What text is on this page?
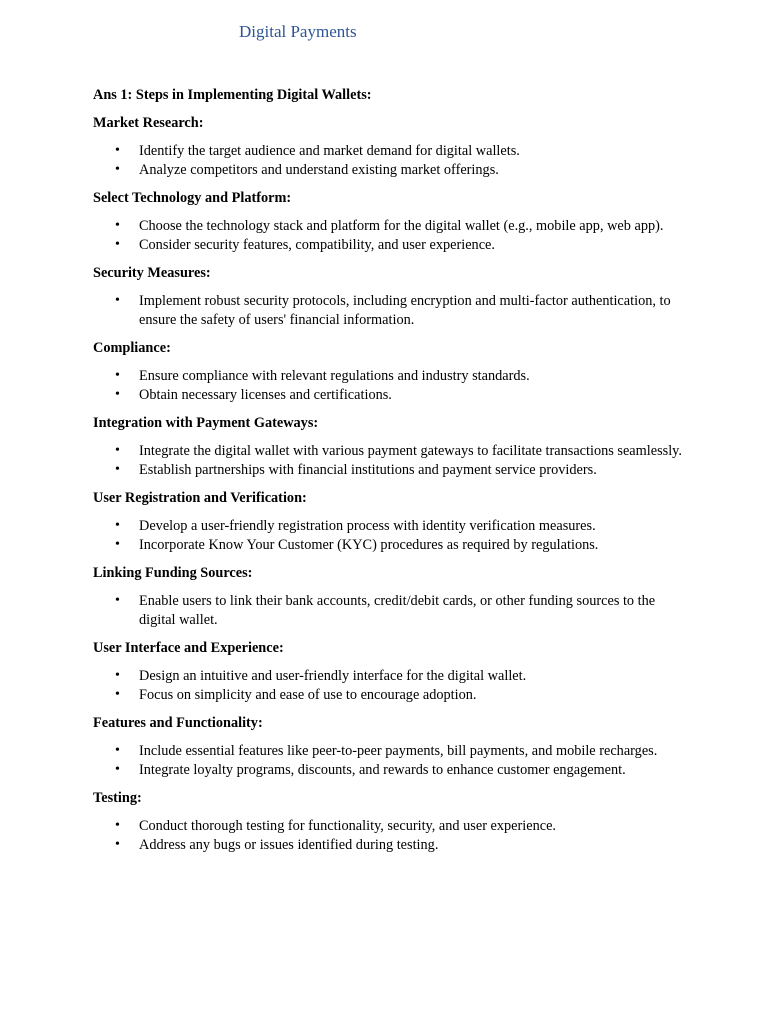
Digital Payments
Ans 1: Steps in Implementing Digital Wallets:
Market Research:
• Identify the target audience and market demand for digital wallets.
• Analyze competitors and understand existing market offerings.
Select Technology and Platform:
• Choose the technology stack and platform for the digital wallet (e.g., mobile app, web app).
• Consider security features, compatibility, and user experience.
Security Measures:
• Implement robust security protocols, including encryption and multi-factor authentication, to ensure the safety of users' financial information.
Compliance:
• Ensure compliance with relevant regulations and industry standards.
• Obtain necessary licenses and certifications.
Integration with Payment Gateways:
• Integrate the digital wallet with various payment gateways to facilitate transactions seamlessly.
• Establish partnerships with financial institutions and payment service providers.
User Registration and Verification:
• Develop a user-friendly registration process with identity verification measures.
• Incorporate Know Your Customer (KYC) procedures as required by regulations.
Linking Funding Sources:
• Enable users to link their bank accounts, credit/debit cards, or other funding sources to the digital wallet.
User Interface and Experience:
• Design an intuitive and user-friendly interface for the digital wallet.
• Focus on simplicity and ease of use to encourage adoption.
Features and Functionality:
• Include essential features like peer-to-peer payments, bill payments, and mobile recharges.
• Integrate loyalty programs, discounts, and rewards to enhance customer engagement.
Testing:
• Conduct thorough testing for functionality, security, and user experience.
• Address any bugs or issues identified during testing.
